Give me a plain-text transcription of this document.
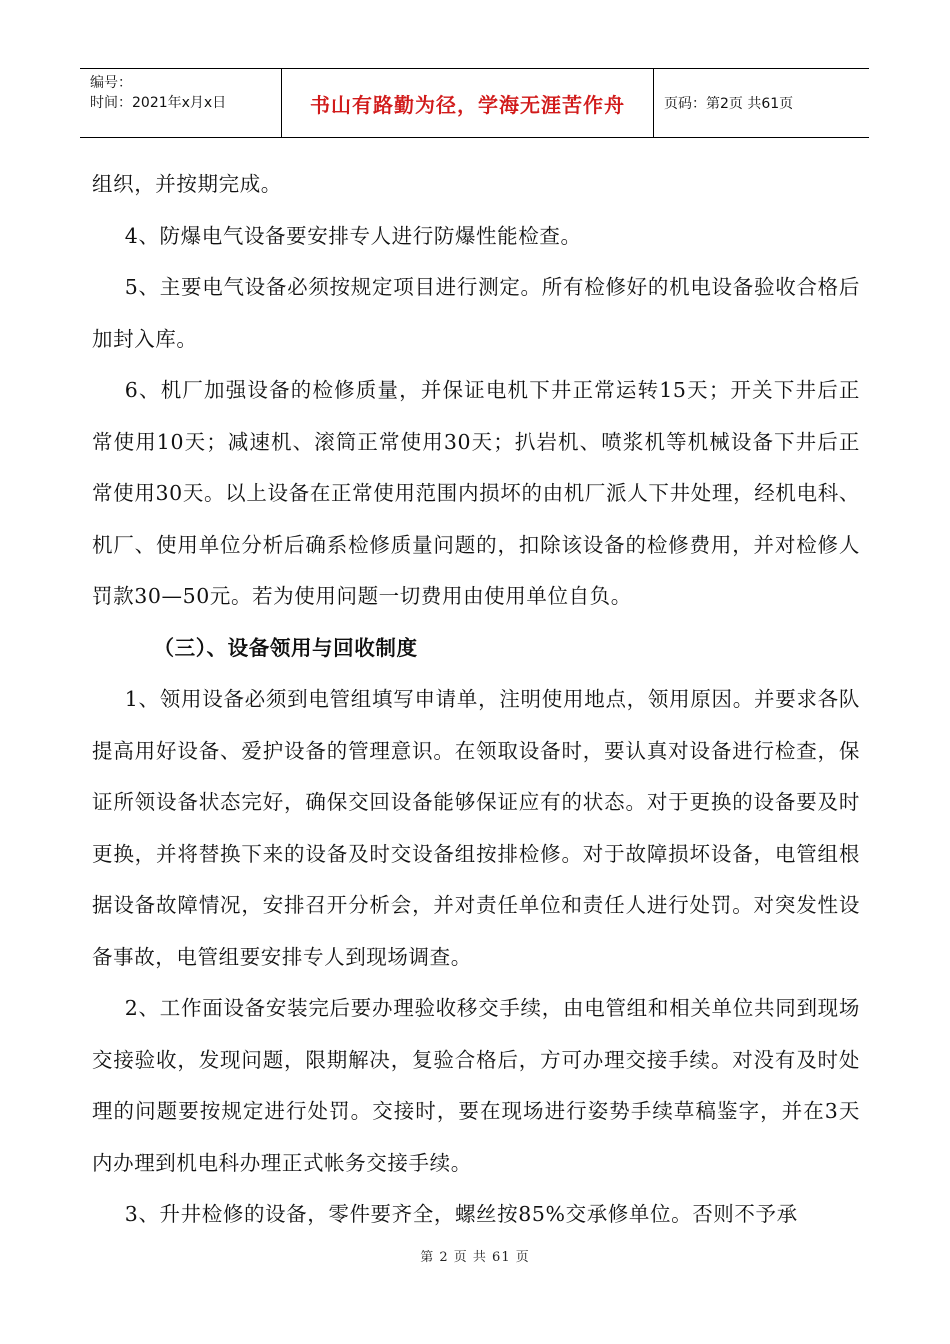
编号：
时间：2021年x月x日	书山有路勤为径，学海无涯苦作舟	页码：第2页 共61页

组织，并按期完成。

4、防爆电气设备要安排专人进行防爆性能检查。

5、主要电气设备必须按规定项目进行测定。所有检修好的机电设备验收合格后加封入库。

6、机厂加强设备的检修质量，并保证电机下井正常运转15天；开关下井后正常使用10天；减速机、滚筒正常使用30天；扒岩机、喷浆机等机械设备下井后正常使用30天。以上设备在正常使用范围内损坏的由机厂派人下井处理，经机电科、机厂、使用单位分析后确系检修质量问题的，扣除该设备的检修费用，并对检修人罚款30—50元。若为使用问题一切费用由使用单位自负。

（三）、设备领用与回收制度

1、领用设备必须到电管组填写申请单，注明使用地点，领用原因。并要求各队提高用好设备、爱护设备的管理意识。在领取设备时，要认真对设备进行检查，保证所领设备状态完好，确保交回设备能够保证应有的状态。对于更换的设备要及时更换，并将替换下来的设备及时交设备组按排检修。对于故障损坏设备，电管组根据设备故障情况，安排召开分析会，并对责任单位和责任人进行处罚。对突发性设备事故，电管组要安排专人到现场调查。

2、工作面设备安装完后要办理验收移交手续，由电管组和相关单位共同到现场交接验收，发现问题，限期解决，复验合格后，方可办理交接手续。对没有及时处理的问题要按规定进行处罚。交接时，要在现场进行姿势手续草稿鉴字，并在3天内办理到机电科办理正式帐务交接手续。

3、升井检修的设备，零件要齐全，螺丝按85%交承修单位。否则不予承

第 2 页 共 61 页
